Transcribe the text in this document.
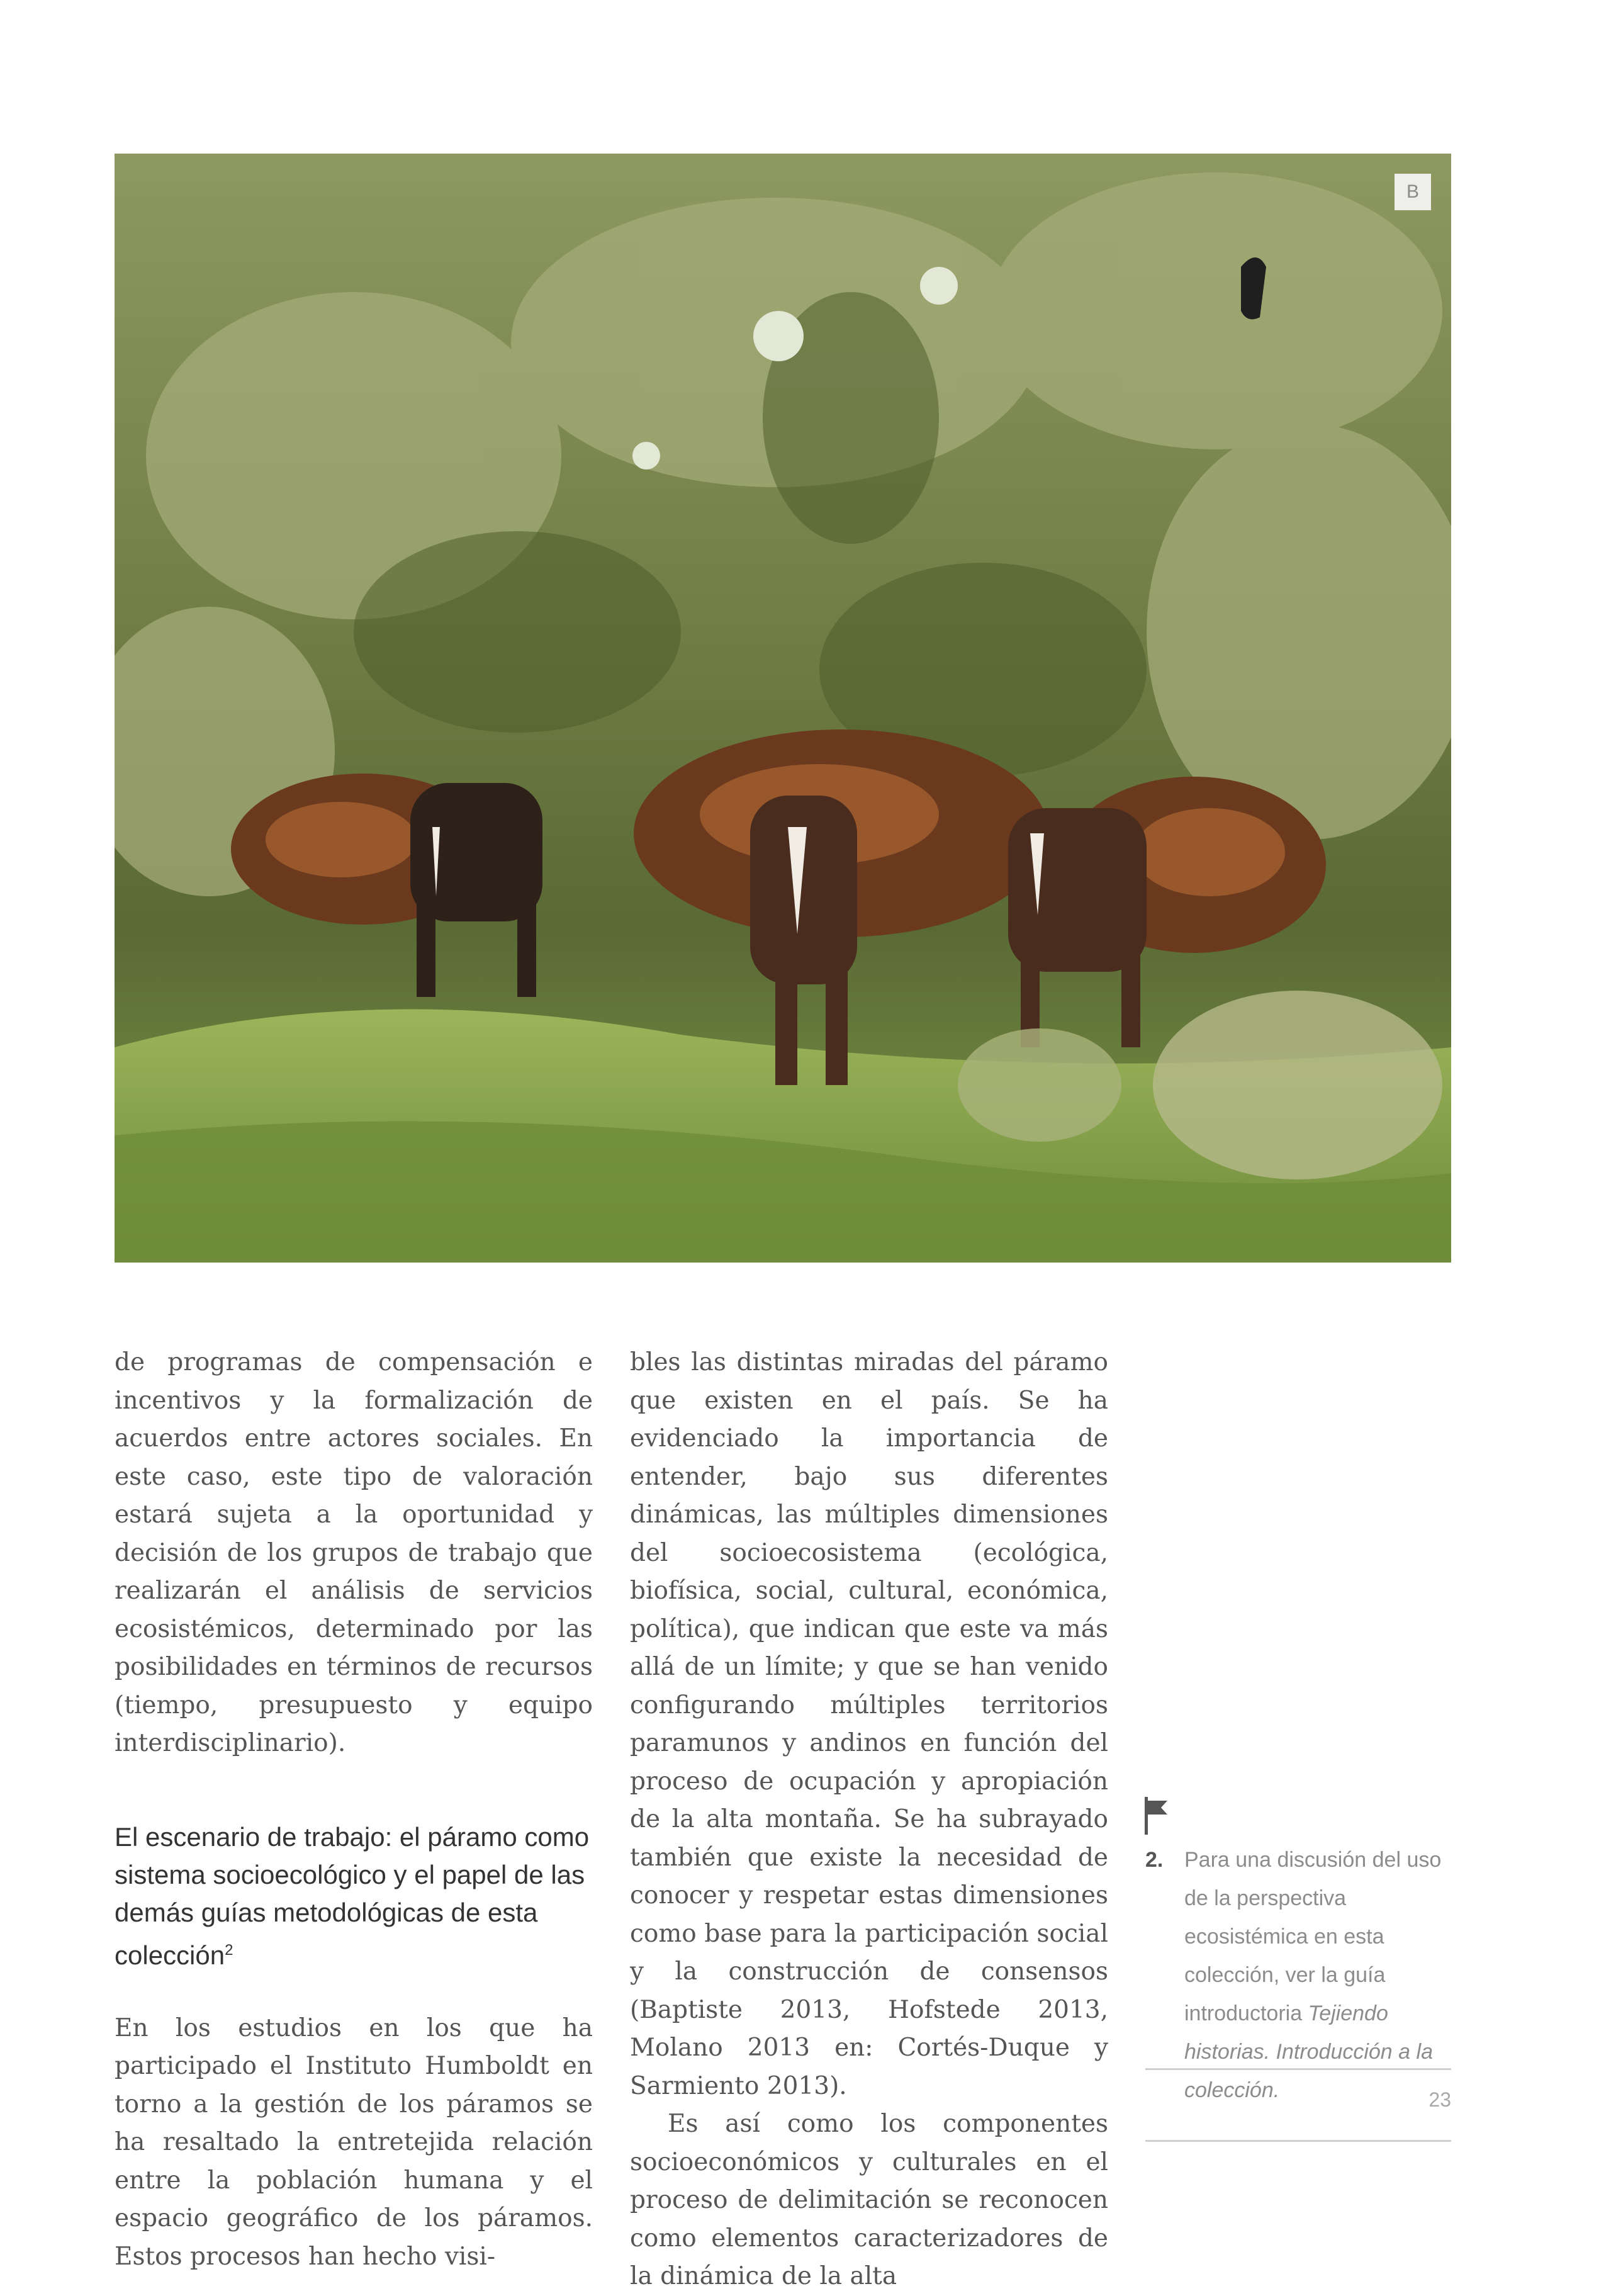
B

de programas de compensación e incentivos y la formalización de acuerdos entre actores sociales. En este caso, este tipo de valoración estará sujeta a la oportunidad y decisión de los grupos de trabajo que realizarán el análisis de servicios ecosistémicos, determinado por las posibilidades en términos de recursos (tiempo, presupuesto y equipo interdisciplinario).

El escenario de trabajo: el páramo como sistema socioecológico y el papel de las demás guías metodológicas de esta colección$^2$

En los estudios en los que ha participado el Instituto Humboldt en torno a la gestión de los páramos se ha resaltado la entretejida relación entre la población humana y el espacio geográfico de los páramos. Estos procesos han hecho visi-

bles las distintas miradas del páramo que existen en el país. Se ha evidenciado la importancia de entender, bajo sus diferentes dinámicas, las múltiples dimensiones del socioecosistema (ecológica, biofísica, social, cultural, económica, política), que indican que este va más allá de un límite; y que se han venido configurando múltiples territorios paramunos y andinos en función del proceso de ocupación y apropiación de la alta montaña. Se ha subrayado también que existe la necesidad de conocer y respetar estas dimensiones como base para la participación social y la construcción de consensos (Baptiste 2013, Hofstede 2013, Molano 2013 en: Cortés-Duque y Sarmiento 2013).

Es así como los componentes socioeconómicos y culturales en el proceso de delimitación se reconocen como elementos caracterizadores de la dinámica de la alta

2. Para una discusión del uso de la perspectiva ecosistémica en esta colección, ver la guía introductoria Tejiendo historias. Introducción a la colección.	23
